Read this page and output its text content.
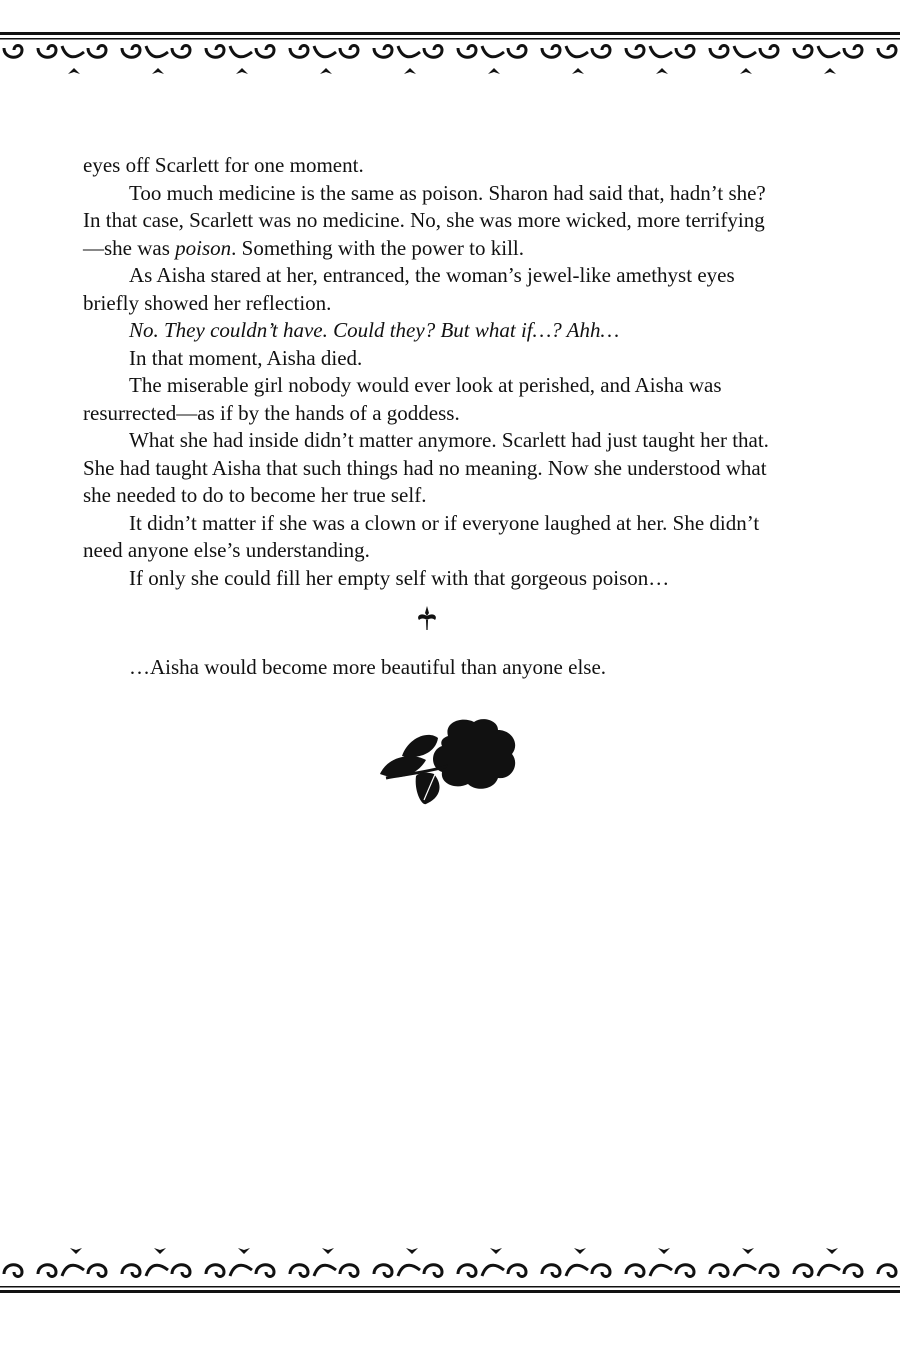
eyes off Scarlett for one moment.

Too much medicine is the same as poison. Sharon had said that, hadn’t she? In that case, Scarlett was no medicine. No, she was more wicked, more terrifying—she was poison. Something with the power to kill.

As Aisha stared at her, entranced, the woman’s jewel-like amethyst eyes briefly showed her reflection.

No. They couldn’t have. Could they? But what if…? Ahh…

In that moment, Aisha died.

The miserable girl nobody would ever look at perished, and Aisha was resurrected—as if by the hands of a goddess.

What she had inside didn’t matter anymore. Scarlett had just taught her that. She had taught Aisha that such things had no meaning. Now she understood what she needed to do to become her true self.

It didn’t matter if she was a clown or if everyone laughed at her. She didn’t need anyone else’s understanding.

If only she could fill her empty self with that gorgeous poison…

…Aisha would become more beautiful than anyone else.
